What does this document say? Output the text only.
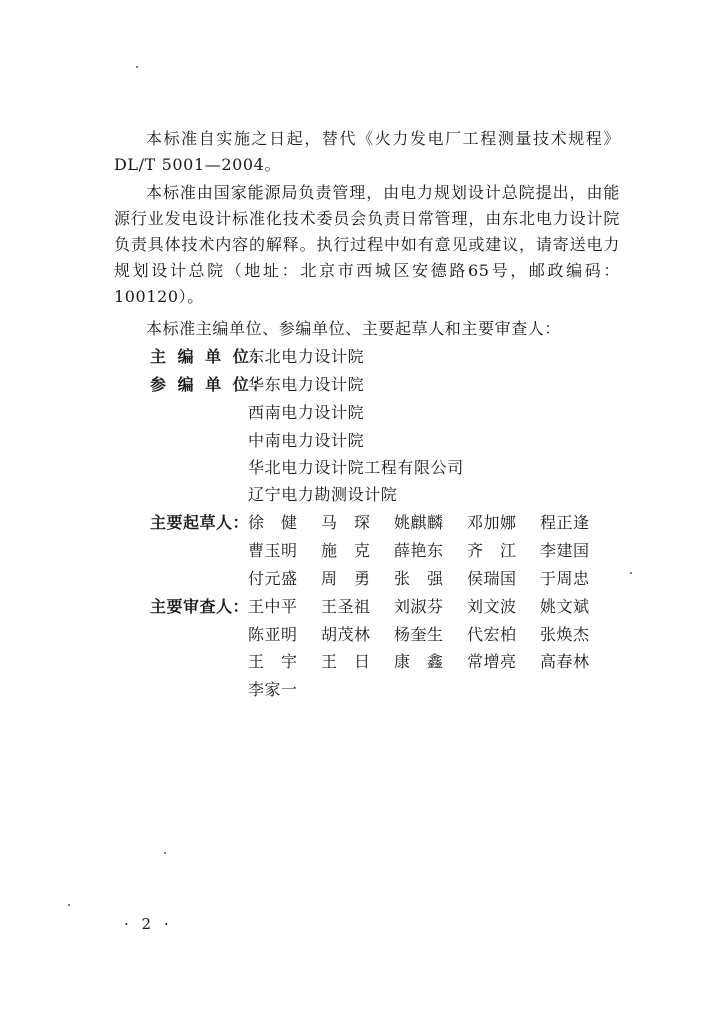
本标准自实施之日起，替代《火力发电厂工程测量技术规程》DL/T 5001—2004。

本标准由国家能源局负责管理，由电力规划设计总院提出，由能源行业发电设计标准化技术委员会负责日常管理，由东北电力设计院负责具体技术内容的解释。执行过程中如有意见或建议，请寄送电力规划设计总院（地址：北京市西城区安德路65号，邮政编码：100120）。

本标准主编单位、参编单位、主要起草人和主要审查人：

主 编 单 位：
东北电力设计院
参 编 单 位：
华东电力设计院
西南电力设计院
中南电力设计院
华北电力设计院工程有限公司
辽宁电力勘测设计院
主要起草人：
徐　健 马　琛 姚麒麟 邓加娜 程正逢
曹玉明 施　克 薛艳东 齐　江 李建国
付元盛 周　勇 张　强 侯瑞国 于周忠
主要审查人：
王中平 王圣祖 刘淑芬 刘文波 姚文斌
陈亚明 胡茂林 杨奎生 代宏柏 张焕杰
王　宇 王　日 康　鑫 常增亮 高春林
李家一
· 2 ·
